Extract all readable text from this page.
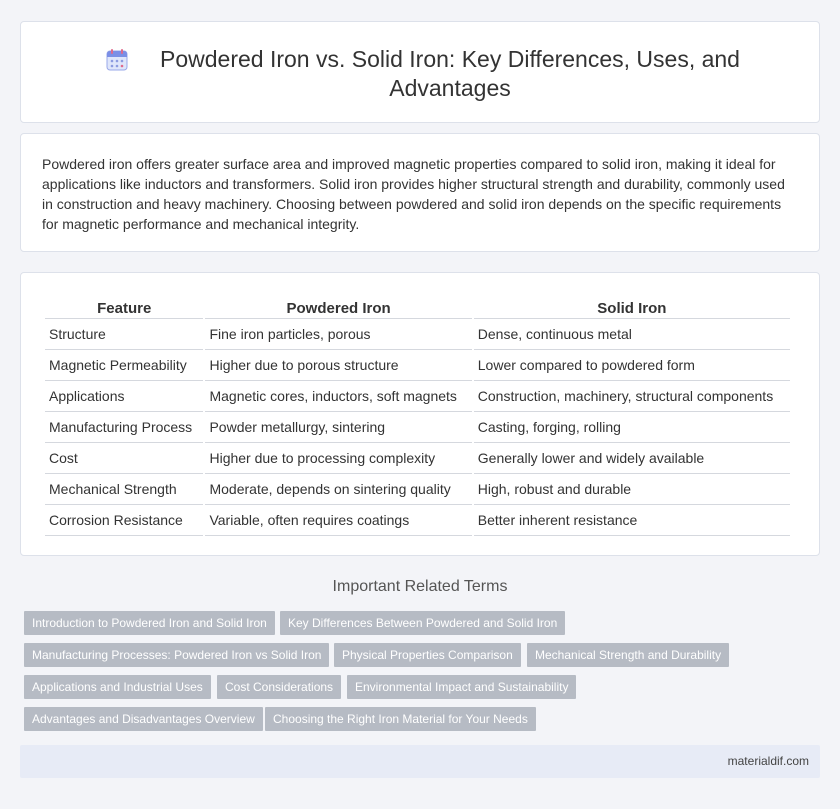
Powdered Iron vs. Solid Iron: Key Differences, Uses, and Advantages

Powdered iron offers greater surface area and improved magnetic properties compared to solid iron, making it ideal for applications like inductors and transformers. Solid iron provides higher structural strength and durability, commonly used in construction and heavy machinery. Choosing between powdered and solid iron depends on the specific requirements for magnetic performance and mechanical integrity.

Feature	Powdered Iron	Solid Iron
Structure	Fine iron particles, porous	Dense, continuous metal
Magnetic Permeability	Higher due to porous structure	Lower compared to powdered form
Applications	Magnetic cores, inductors, soft magnets	Construction, machinery, structural components
Manufacturing Process	Powder metallurgy, sintering	Casting, forging, rolling
Cost	Higher due to processing complexity	Generally lower and widely available
Mechanical Strength	Moderate, depends on sintering quality	High, robust and durable
Corrosion Resistance	Variable, often requires coatings	Better inherent resistance
Important Related Terms
Introduction to Powdered Iron and Solid Iron	Key Differences Between Powdered and Solid Iron
Manufacturing Processes: Powdered Iron vs Solid Iron	Physical Properties Comparison	Mechanical Strength and Durability
Applications and Industrial Uses	Cost Considerations	Environmental Impact and Sustainability
Advantages and Disadvantages Overview	Choosing the Right Iron Material for Your Needs
materialdif.com
